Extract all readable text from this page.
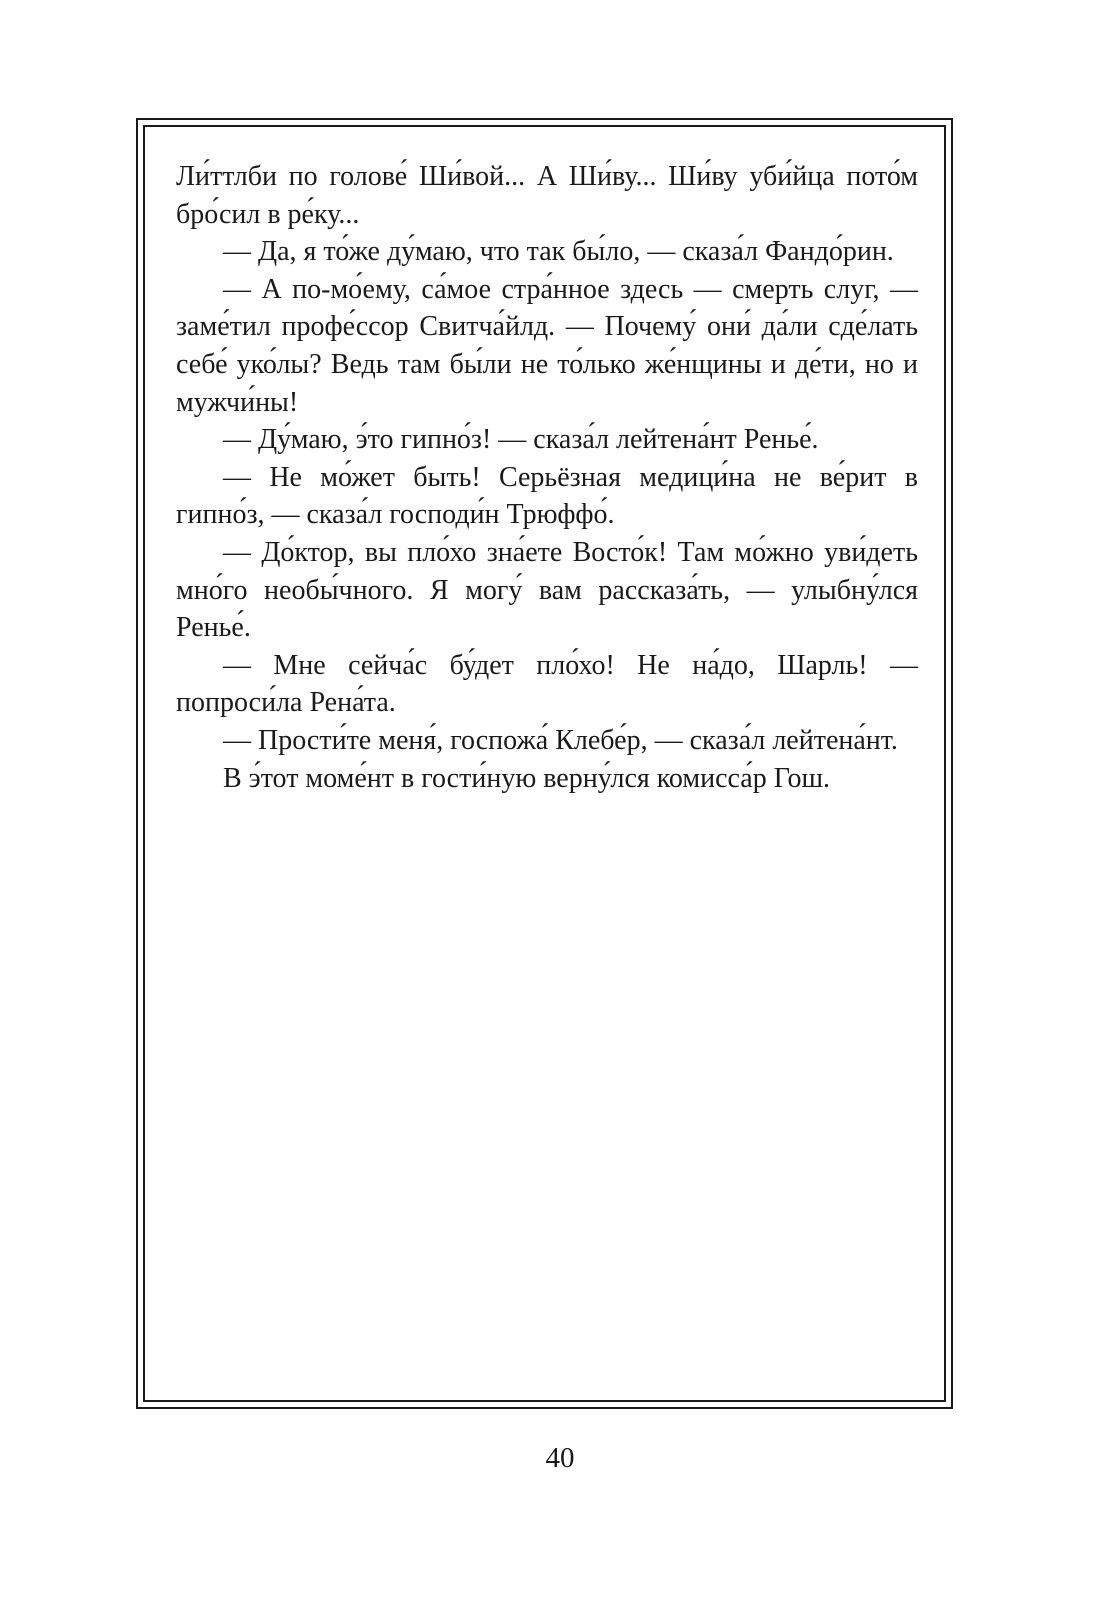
Ли́ттлби по голове́ Ши́вой... А Ши́ву... Ши́ву уби́йца пото́м бро́сил в ре́ку...

— Да, я то́же ду́маю, что так бы́ло, — сказа́л Фандо́рин.

— А по-мо́ему, са́мое стра́нное здесь — смерть слуг, — заме́тил профе́ссор Свитча́йлд. — Почему́ они́ да́ли сде́лать себе́ уко́лы? Ведь там бы́ли не то́лько же́нщины и де́ти, но и мужчи́ны!

— Ду́маю, э́то гипно́з! — сказа́л лейтена́нт Ренье́.

— Не мо́жет быть! Серьёзная медици́на не ве́рит в гипно́з, — сказа́л господи́н Трюффо́.

— До́ктор, вы пло́хо зна́ете Восто́к! Там мо́жно уви́деть мно́го необы́чного. Я могу́ вам рассказа́ть, — улыбну́лся Ренье́.

— Мне сейча́с бу́дет пло́хо! Не на́до, Шарль! — попроси́ла Рена́та.

— Прости́те меня́, госпожа́ Клебе́р, — сказа́л лейтена́нт.

В э́тот моме́нт в гости́ную верну́лся комисса́р Гош.

40
